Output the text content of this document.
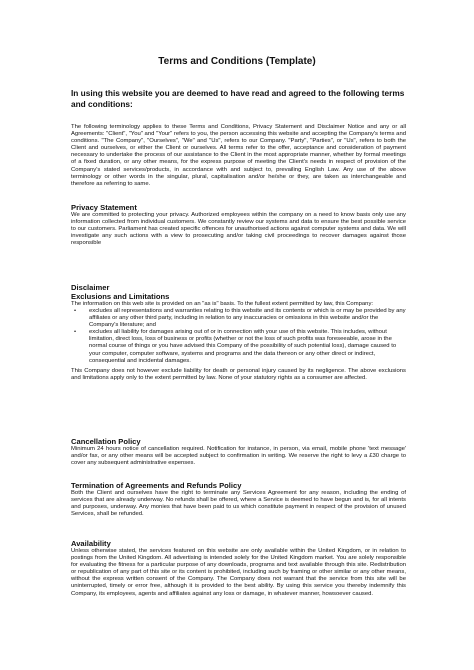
Terms and Conditions (Template)
In using this website you are deemed to have read and agreed to the following terms and conditions:
The following terminology applies to these Terms and Conditions, Privacy Statement and Disclaimer Notice and any or all Agreements: "Client", "You" and "Your" refers to you, the person accessing this website and accepting the Company's terms and conditions. "The Company", "Ourselves", "We" and "Us", refers to our Company. "Party", "Parties", or "Us", refers to both the Client and ourselves, or either the Client or ourselves. All terms refer to the offer, acceptance and consideration of payment necessary to undertake the process of our assistance to the Client in the most appropriate manner, whether by formal meetings of a fixed duration, or any other means, for the express purpose of meeting the Client's needs in respect of provision of the Company's stated services/products, in accordance with and subject to, prevailing English Law. Any use of the above terminology or other words in the singular, plural, capitalisation and/or he/she or they, are taken as interchangeable and therefore as referring to same.
Privacy Statement
We are committed to protecting your privacy. Authorized employees within the company on a need to know basis only use any information collected from individual customers. We constantly review our systems and data to ensure the best possible service to our customers. Parliament has created specific offences for unauthorised actions against computer systems and data. We will investigate any such actions with a view to prosecuting and/or taking civil proceedings to recover damages against those responsible
Disclaimer
Exclusions and Limitations
The information on this web site is provided on an "as is" basis. To the fullest extent permitted by law, this Company:
•	excludes all representations and warranties relating to this website and its contents or which is or may be provided by any affiliates or any other third party, including in relation to any inaccuracies or omissions in this website and/or the Company's literature; and
•	excludes all liability for damages arising out of or in connection with your use of this website. This includes, without limitation, direct loss, loss of business or profits (whether or not the loss of such profits was foreseeable, arose in the normal course of things or you have advised this Company of the possibility of such potential loss), damage caused to your computer, computer software, systems and programs and the data thereon or any other direct or indirect, consequential and incidental damages.
This Company does not however exclude liability for death or personal injury caused by its negligence. The above exclusions and limitations apply only to the extent permitted by law. None of your statutory rights as a consumer are affected.
Cancellation Policy
Minimum 24 hours notice of cancellation required. Notification for instance, in person, via email, mobile phone 'text message' and/or fax, or any other means will be accepted subject to confirmation in writing. We reserve the right to levy a £30 charge to cover any subsequent administrative expenses.
Termination of Agreements and Refunds Policy
Both the Client and ourselves have the right to terminate any Services Agreement for any reason, including the ending of services that are already underway. No refunds shall be offered, where a Service is deemed to have begun and is, for all intents and purposes, underway. Any monies that have been paid to us which constitute payment in respect of the provision of unused Services, shall be refunded.
Availability
Unless otherwise stated, the services featured on this website are only available within the United Kingdom, or in relation to postings from the United Kingdom. All advertising is intended solely for the United Kingdom market. You are solely responsible for evaluating the fitness for a particular purpose of any downloads, programs and text available through this site. Redistribution or republication of any part of this site or its content is prohibited, including such by framing or other similar or any other means, without the express written consent of the Company. The Company does not warrant that the service from this site will be uninterrupted, timely or error free, although it is provided to the best ability. By using this service you thereby indemnify this Company, its employees, agents and affiliates against any loss or damage, in whatever manner, howsoever caused.
